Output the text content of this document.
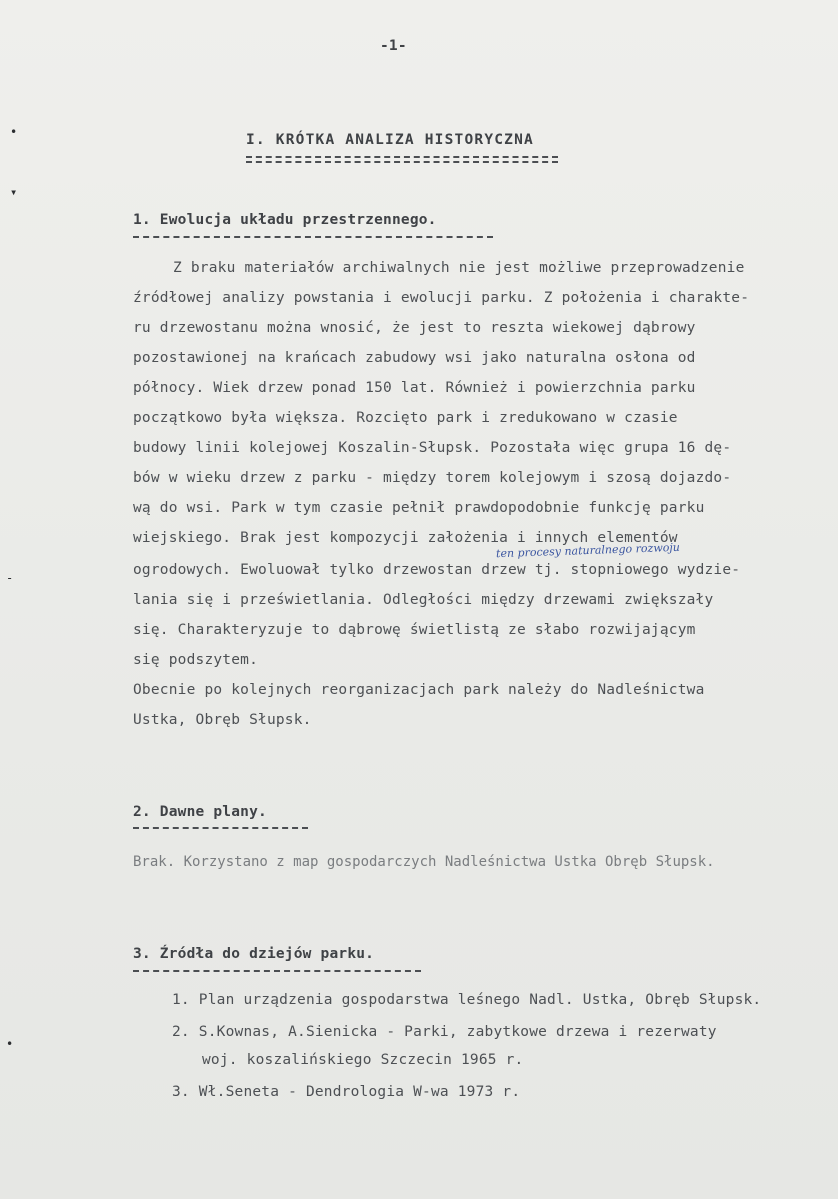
•
▾
-
•
-1-
I. KRÓTKA ANALIZA HISTORYCZNA
1. Ewolucja układu przestrzennego.
Z braku materiałów archiwalnych nie jest możliwe przeprowadzenie
źródłowej analizy powstania i ewolucji parku. Z położenia i charakte-
ru drzewostanu można wnosić, że jest to reszta wiekowej dąbrowy
pozostawionej na krańcach zabudowy wsi jako naturalna osłona od
północy. Wiek drzew ponad 150 lat. Również i powierzchnia parku
początkowo była większa. Rozcięto park i zredukowano w czasie
budowy linii kolejowej Koszalin-Słupsk. Pozostała więc grupa 16 dę-
bów w wieku drzew z parku - między torem kolejowym i szosą dojazdo-
wą do wsi. Park w tym czasie pełnił prawdopodobnie funkcję parku
wiejskiego. Brak jest kompozycji założenia i innych elementów
ten procesy naturalnego rozwoju
ogrodowych. Ewoluował tylko drzewostan drzew tj. stopniowego wydzie-
lania się i prześwietlania. Odległości między drzewami zwiększały
się. Charakteryzuje to dąbrowę świetlistą ze słabo rozwijającym
się podszytem.
Obecnie po kolejnych reorganizacjach park należy do Nadleśnictwa
Ustka, Obręb Słupsk.
2. Dawne plany.
Brak. Korzystano z map gospodarczych Nadleśnictwa Ustka Obręb Słupsk.
3. Źródła do dziejów parku.
1. Plan urządzenia gospodarstwa leśnego Nadl. Ustka, Obręb Słupsk.
2. S.Kownas, A.Sienicka - Parki, zabytkowe drzewa i rezerwaty
woj. koszalińskiego Szczecin 1965 r.
3. Wł.Seneta - Dendrologia W-wa 1973 r.
